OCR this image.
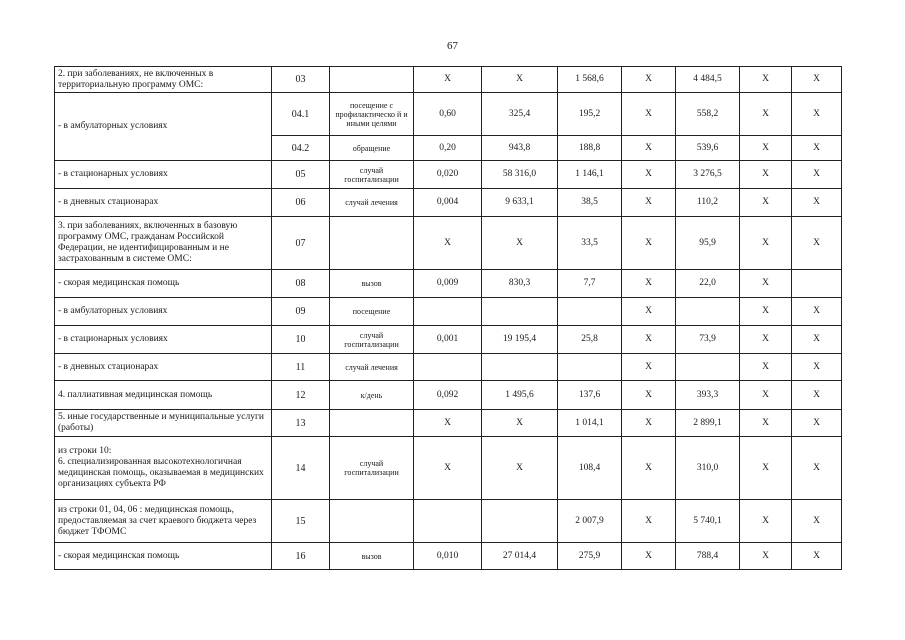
67
2. при заболеваниях, не включенных в территориальную программу ОМС:	03		Х	Х	1 568,6	Х	4 484,5	Х	Х
- в амбулаторных условиях	04.1	посещение с профилактическо й и иными целями	0,60	325,4	195,2	Х	558,2	Х	Х
	04.2	обращение	0,20	943,8	188,8	Х	539,6	Х	Х
- в стационарных условиях	05	случай госпитализации	0,020	58 316,0	1 146,1	Х	3 276,5	Х	Х
- в дневных стационарах	06	случай лечения	0,004	9 633,1	38,5	Х	110,2	Х	Х
3. при заболеваниях, включенных в базовую программу ОМС, гражданам Российской Федерации, не идентифицированным и не застрахованным в системе ОМС:	07		Х	Х	33,5	Х	95,9	Х	Х
- скорая медицинская помощь	08	вызов	0,009	830,3	7,7	Х	22,0	Х	
- в амбулаторных условиях	09	посещение				Х		Х	Х
- в стационарных условиях	10	случай госпитализации	0,001	19 195,4	25,8	Х	73,9	Х	Х
- в дневных стационарах	11	случай лечения				Х		Х	Х
4. паллиативная медицинская помощь	12	к/день	0,092	1 495,6	137,6	Х	393,3	Х	Х
5. иные государственные и муниципальные услуги (работы)	13		Х	Х	1 014,1	Х	2 899,1	Х	Х
из строки 10:
6. специализированная высокотехнологичная медицинская помощь, оказываемая в медицинских организациях субъекта РФ	14	случай госпитализации	Х	Х	108,4	Х	310,0	Х	Х
из строки 01, 04, 06 : медицинская помощь, предоставляемая за счет краевого бюджета через бюджет ТФОМС	15				2 007,9	Х	5 740,1	Х	Х
- скорая медицинская помощь	16	вызов	0,010	27 014,4	275,9	Х	788,4	Х	Х
